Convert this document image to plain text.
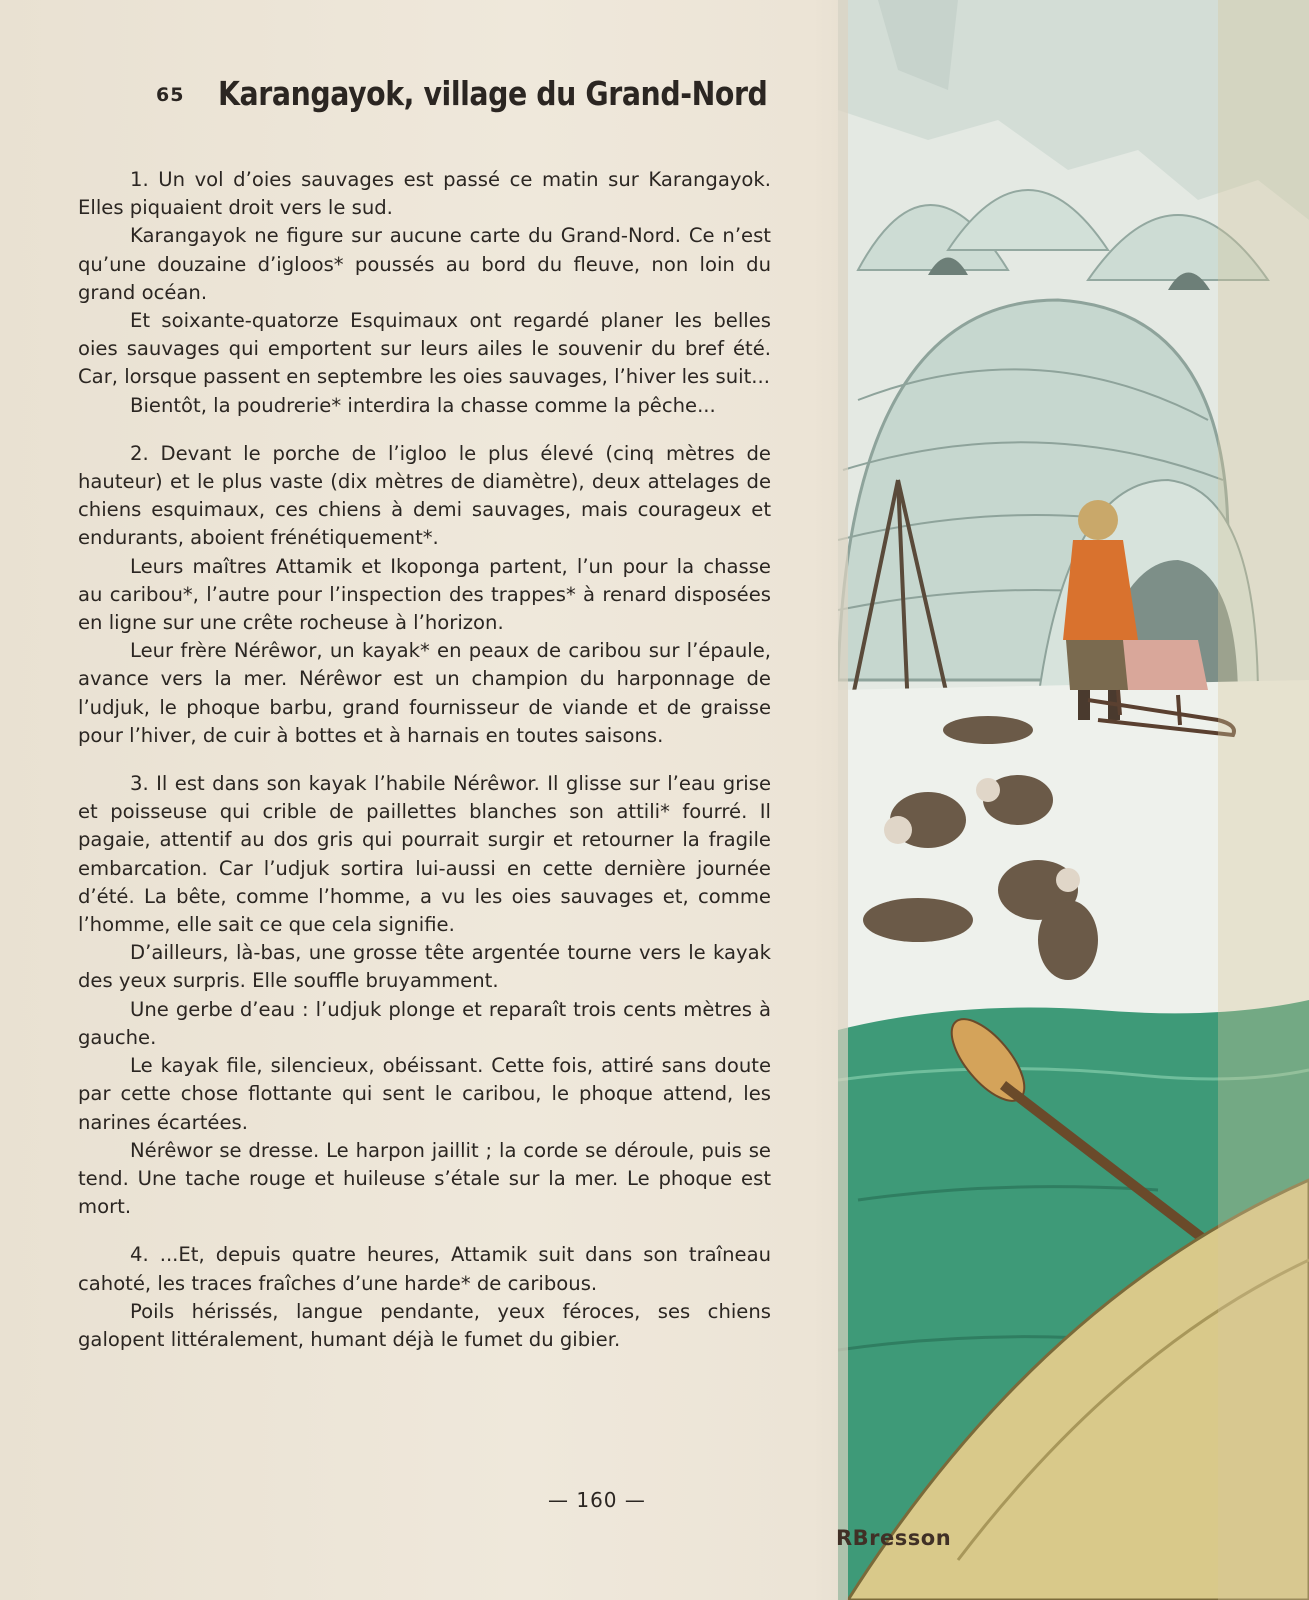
65 Karangayok, village du Grand-Nord

1. Un vol d’oies sauvages est passé ce matin sur Karangayok. Elles piquaient droit vers le sud.

Karangayok ne figure sur aucune carte du Grand-Nord. Ce n’est qu’une douzaine d’igloos* poussés au bord du fleuve, non loin du grand océan.

Et soixante-quatorze Esquimaux ont regardé planer les belles oies sauvages qui emportent sur leurs ailes le souvenir du bref été. Car, lorsque passent en septembre les oies sauvages, l’hiver les suit...

Bientôt, la poudrerie* interdira la chasse comme la pêche...

2. Devant le porche de l’igloo le plus élevé (cinq mètres de hauteur) et le plus vaste (dix mètres de diamètre), deux attelages de chiens esquimaux, ces chiens à demi sauvages, mais courageux et endurants, aboient frénétiquement*.

Leurs maîtres Attamik et Ikoponga partent, l’un pour la chasse au caribou*, l’autre pour l’inspection des trappes* à renard disposées en ligne sur une crête rocheuse à l’horizon.

Leur frère Nérêwor, un kayak* en peaux de caribou sur l’épaule, avance vers la mer. Nérêwor est un champion du harponnage de l’udjuk, le phoque barbu, grand fournisseur de viande et de graisse pour l’hiver, de cuir à bottes et à harnais en toutes saisons.

3. Il est dans son kayak l’habile Nérêwor. Il glisse sur l’eau grise et poisseuse qui crible de paillettes blanches son attili* fourré. Il pagaie, attentif au dos gris qui pourrait surgir et retourner la fragile embarcation. Car l’udjuk sortira lui-aussi en cette dernière journée d’été. La bête, comme l’homme, a vu les oies sauvages et, comme l’homme, elle sait ce que cela signifie.

D’ailleurs, là-bas, une grosse tête argentée tourne vers le kayak des yeux surpris. Elle souffle bruyamment.

Une gerbe d’eau : l’udjuk plonge et reparaît trois cents mètres à gauche.

Le kayak file, silencieux, obéissant. Cette fois, attiré sans doute par cette chose flottante qui sent le caribou, le phoque attend, les narines écartées.

Nérêwor se dresse. Le harpon jaillit ; la corde se déroule, puis se tend. Une tache rouge et huileuse s’étale sur la mer. Le phoque est mort.

4. ...Et, depuis quatre heures, Attamik suit dans son traîneau cahoté, les traces fraîches d’une harde* de caribous.

Poils hérissés, langue pendante, yeux féroces, ses chiens galopent littéralement, humant déjà le fumet du gibier.

— 160 —
RBresson
